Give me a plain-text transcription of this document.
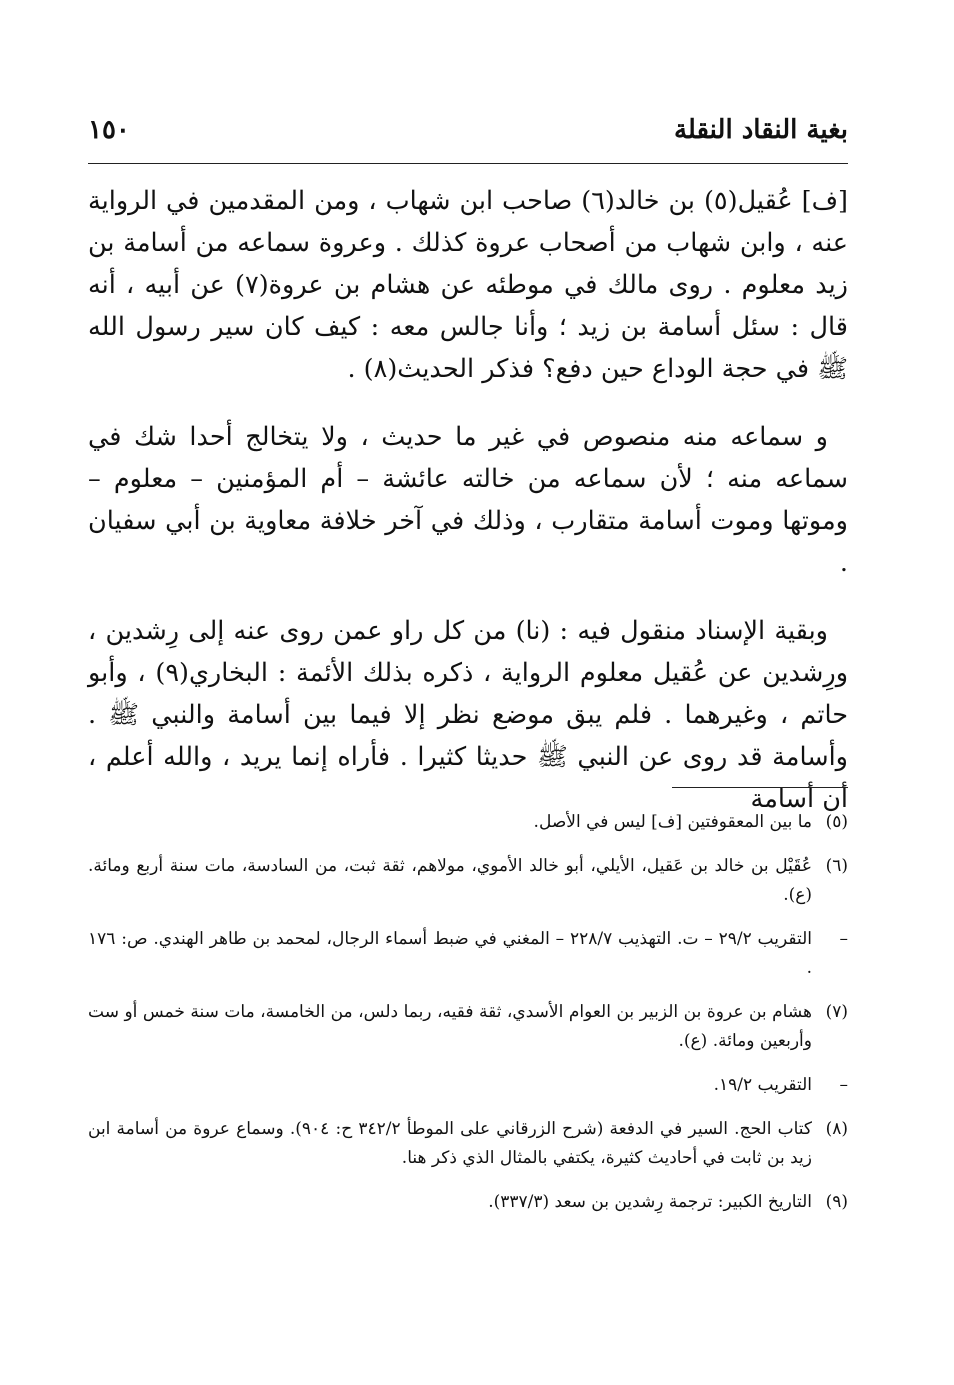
بغية النقاد النقلة
١٥٠

[ف] عُقيل(٥) بن خالد(٦) صاحب ابن شهاب ، ومن المقدمين في الرواية عنه ، وابن شهاب من أصحاب عروة كذلك . وعروة سماعه من أسامة بن زيد معلوم . روى مالك في موطئه عن هشام بن عروة(٧) عن أبيه ، أنه قال : سئل أسامة بن زيد ؛ وأنا جالس معه : كيف كان سير رسول الله ﷺ في حجة الوداع حين دفع؟ فذكر الحديث(٨) .

و سماعه منه منصوص في غير ما حديث ، ولا يتخالج أحدا شك في سماعه منه ؛ لأن سماعه من خالته عائشة – أم المؤمنين – معلوم – وموتها وموت أسامة متقارب ، وذلك في آخر خلافة معاوية بن أبي سفيان .

وبقية الإسناد منقول فيه : (نا) من كل راو عمن روى عنه إلى رِشدين ، ورِشدين عن عُقيل معلوم الرواية ، ذكره بذلك الأئمة : البخاري(٩) ، وأبو حاتم ، وغيرهما . فلم يبق موضع نظر إلا فيما بين أسامة والنبي ﷺ . وأسامة قد روى عن النبي ﷺ حديثا كثيرا . فأراه إنما يريد ، والله أعلم ، أن أسامة

(٥)ما بين المعقوفتين [ف] ليس في الأصل.
(٦)عُقَيْل بن خالد بن عَقيل، الأيلي، أبو خالد الأموي، مولاهم، ثقة ثبت، من السادسة، مات سنة أربع ومائة. (ع).
–التقريب ٢٩/٢ – ت. التهذيب ٢٢٨/٧ – المغني في ضبط أسماء الرجال، لمحمد بن طاهر الهندي. ص: ١٧٦ .
(٧)هشام بن عروة بن الزبير بن العوام الأسدي، ثقة فقيه، ربما دلس، من الخامسة، مات سنة خمس أو ست وأربعين ومائة. (ع).
–التقريب ١٩/٢.
(٨)كتاب الحج. السير في الدفعة (شرح الزرقاني على الموطأ ٣٤٢/٢ ح: ٩٠٤). وسماع عروة من أسامة ابن زيد بن ثابت في أحاديث كثيرة، يكتفي بالمثال الذي ذكر هنا.
(٩)التاريخ الكبير: ترجمة رِشدين بن سعد (٣٣٧/٣).
